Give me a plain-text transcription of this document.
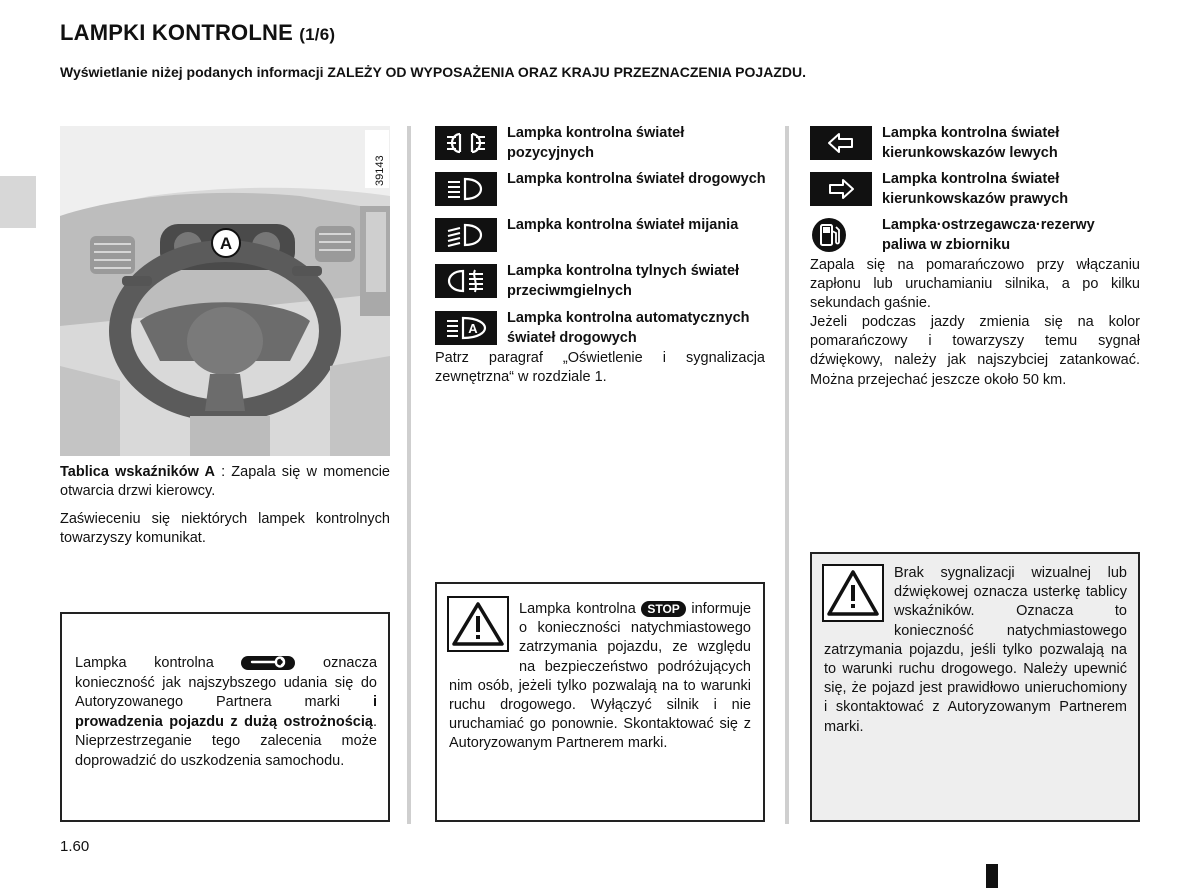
LAMPKI KONTROLNE (1/6)
Wyświetlanie niżej podanych informacji ZALEŻY OD WYPOSAŻENIA ORAZ KRAJU PRZEZNACZENIA POJAZDU.
A
39143
Tablica wskaźników A : Zapala się w momencie otwarcia drzwi kierowcy.
Zaświeceniu się niektórych lampek kontrolnych towarzyszy komunikat.
Lampka kontrolna	oznacza konieczność jak najszybszego udania się do Autoryzowanego Partnera marki i prowadzenia pojazdu z dużą ostrożnością. Nieprzestrzeganie tego zalecenia może doprowadzić do uszkodzenia samochodu.
Lampka kontrolna świateł pozycyjnych
Lampka kontrolna świateł drogowych
Lampka kontrolna świateł mijania
Lampka kontrolna tylnych świateł przeciwmgielnych
A
Lampka kontrolna automatycznych świateł drogowych
Patrz paragraf „Oświetlenie i sygnalizacja zewnętrzna“ w rozdziale 1.
Lampka kontrolna STOP informuje o konieczności natychmiastowego zatrzymania pojazdu, ze względu na bezpieczeństwo podróżujących nim osób, jeżeli tylko pozwalają na to warunki ruchu drogowego. Wyłączyć silnik i nie uruchamiać go ponownie. Skontaktować się z Autoryzowanym Partnerem marki.
Lampka kontrolna świateł kierunkowskazów lewych
Lampka kontrolna świateł kierunkowskazów prawych
Lampka·ostrzegawcza·rezerwy paliwa w zbiorniku
Zapala się na pomarańczowo przy włączaniu zapłonu lub uruchamianiu silnika, a po kilku sekundach gaśnie.
Jeżeli podczas jazdy zmienia się na kolor pomarańczowy i towarzyszy temu sygnał dźwiękowy, należy jak najszybciej zatankować. Można przejechać jeszcze około 50 km.
Brak sygnalizacji wizualnej lub dźwiękowej oznacza usterkę tablicy wskaźników. Oznacza to konieczność natychmiastowego zatrzymania pojazdu, jeśli tylko pozwalają na to warunki ruchu drogowego. Należy upewnić się, że pojazd jest prawidłowo unieruchomiony i skontaktować z Autoryzowanym Partnerem marki.
1.60
